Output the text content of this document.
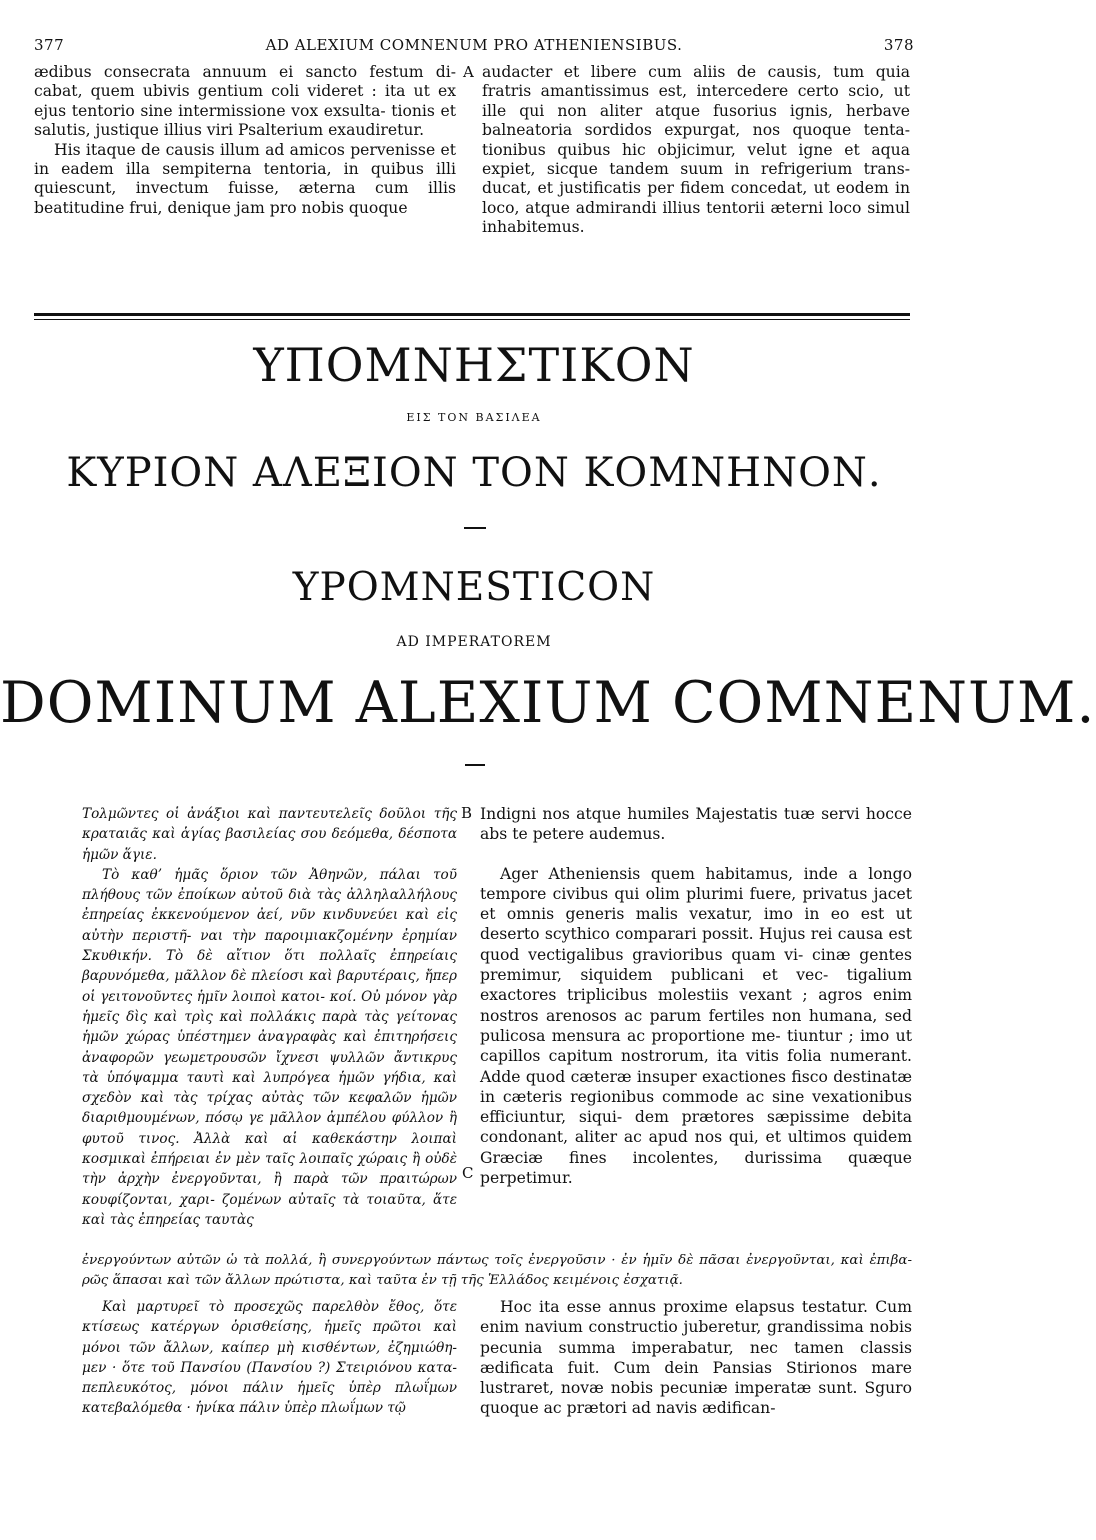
377	AD ALEXIUM COMNENUM PRO ATHENIENSIBUS.	378

ædibus consecrata annuum ei sancto festum di- cabat, quem ubivis gentium coli videret : ita ut ex ejus tentorio sine intermissione vox exsulta- tionis et salutis, justique illius viri Psalterium exaudiretur.

His itaque de causis illum ad amicos pervenisse et in eadem illa sempiterna tentoria, in quibus illi quiescunt, invectum fuisse, æterna cum illis beatitudine frui, denique jam pro nobis quoque

A audacter et libere cum aliis de causis, tum quia fratris amantissimus est, intercedere certo scio, ut ille qui non aliter atque fusorius ignis, herbave balneatoria sordidos expurgat, nos quoque tenta- tionibus quibus hic objicimur, velut igne et aqua expiet, sicque tandem suum in refrigerium trans- ducat, et justificatis per fidem concedat, ut eodem in loco, atque admirandi illius tentorii æterni loco simul inhabitemus.

ΥΠΟΜΝΗΣΤΙΚΟΝ
ΕΙΣ ΤΟΝ ΒΑΣΙΛΕΑ
ΚΥΡΙΟΝ ΑΛΕΞΙΟΝ ΤΟΝ ΚΟΜΝΗΝΟΝ.
YPOMNESTICON
AD IMPERATOREM
DOMINUM ALEXIUM COMNENUM.

Τολμῶντες οἱ ἀνάξιοι καὶ παντευτελεῖς δοῦλοι τῆς κραταιᾶς καὶ ἁγίας βασιλείας σου δεόμεθα, δέσποτα ἡμῶν ἅγιε.

Τὸ καθ’ ἡμᾶς ὅριον τῶν Ἀθηνῶν, πάλαι τοῦ πλήθους τῶν ἐποίκων αὐτοῦ διὰ τὰς ἀλληλαλλήλους ἐπηρείας ἐκκενούμενον ἀεί, νῦν κινδυνεύει καὶ εἰς αὐτὴν περιστῆ- ναι τὴν παροιμιακζομένην ἐρημίαν Σκυθικήν. Τὸ δὲ αἴτιον ὅτι πολλαῖς ἐπηρείαις βαρυνόμεθα, μᾶλλον δὲ πλείοσι καὶ βαρυτέραις, ἤπερ οἱ γειτονοῦντες ἡμῖν λοιποὶ κατοι- κοί. Οὐ μόνον γὰρ ἡμεῖς δὶς καὶ τρὶς καὶ πολλάκις παρὰ τὰς γείτονας ἡμῶν χώρας ὑπέστημεν ἀναγραφὰς καὶ ἐπιτηρήσεις ἀναφορῶν γεωμετρουσῶν ἴχνεσι ψυλλῶν ἄντικρυς τὰ ὑπόψαμμα ταυτὶ καὶ λυπρόγεα ἡμῶν γήδια, καὶ σχεδὸν καὶ τὰς τρίχας αὐτὰς τῶν κεφαλῶν ἡμῶν διαριθμουμένων, πόσῳ γε μᾶλλον ἀμπέλου φύλλον ἢ φυτοῦ τινος. Ἀλλὰ καὶ αἱ καθεκάστην λοιπαὶ κοσμικαὶ ἐπήρειαι ἐν μὲν ταῖς λοιπαῖς χώραις ἢ οὐδὲ τὴν ἀρχὴν ἐνεργοῦνται, ἢ παρὰ τῶν πραιτώρων κουφίζονται, χαρι- ζομένων αὐταῖς τὰ τοιαῦτα, ἅτε καὶ τὰς ἐπηρείας ταυτὰς

B
C

Indigni nos atque humiles Majestatis tuæ servi hocce abs te petere audemus.

Ager Atheniensis quem habitamus, inde a longo tempore civibus qui olim plurimi fuere, privatus jacet et omnis generis malis vexatur, imo in eo est ut deserto scythico comparari possit. Hujus rei causa est quod vectigalibus gravioribus quam vi- cinæ gentes premimur, siquidem publicani et vec- tigalium exactores triplicibus molestiis vexant ; agros enim nostros arenosos ac parum fertiles non humana, sed pulicosa mensura ac proportione me- tiuntur ; imo ut capillos capitum nostrorum, ita vitis folia numerant. Adde quod cæteræ insuper exactiones fisco destinatæ in cæteris regionibus commode ac sine vexationibus efficiuntur, siqui- dem prætores sæpissime debita condonant, aliter ac apud nos qui, et ultimos quidem Græciæ fines incolentes, durissima quæque perpetimur.

ἐνεργούντων αὐτῶν ὡ τὰ πολλά, ἢ συνεργούντων πάντως τοῖς ἐνεργοῦσιν · ἐν ἡμῖν δὲ πᾶσαι ἐνεργοῦνται, καὶ ἐπιβα- ρῶς ἅπασαι καὶ τῶν ἄλλων πρώτιστα, καὶ ταῦτα ἐν τῇ τῆς Ἑλλάδος κειμένοις ἐσχατιᾷ.

Καὶ μαρτυρεῖ τὸ προσεχῶς παρελθὸν ἔθος, ὅτε κτίσεως κατέργων ὁρισθείσης, ἡμεῖς πρῶτοι καὶ μόνοι τῶν ἄλλων, καίπερ μὴ κισθέντων, ἐζημιώθη- μεν · ὅτε τοῦ Πανσίου (Πανσίου ?) Στειριόνου κατα- πεπλευκότος, μόνοι πάλιν ἡμεῖς ὑπὲρ πλωΐμων κατεβαλόμεθα · ἡνίκα πάλιν ὑπὲρ πλωΐμων τῷ

Hoc ita esse annus proxime elapsus testatur. Cum enim navium constructio juberetur, grandissima nobis pecunia summa imperabatur, nec tamen classis ædificata fuit. Cum dein Pansias Stirionos mare lustraret, novæ nobis pecuniæ imperatæ sunt. Sguro quoque ac prætori ad navis ædifican-
